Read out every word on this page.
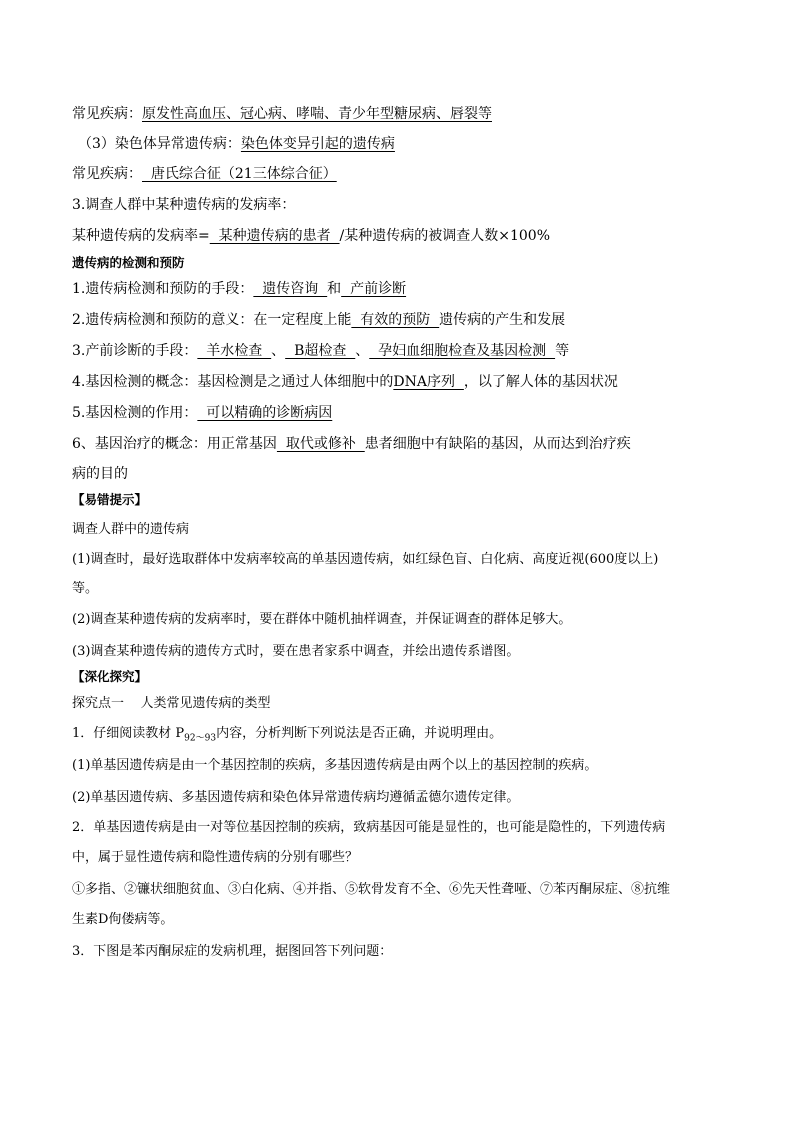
常见疾病：原发性高血压、冠心病、哮喘、青少年型糖尿病、唇裂等
（3）染色体异常遗传病：染色体变异引起的遗传病
常见疾病：  唐氏综合征（21三体综合征）
3.调查人群中某种遗传病的发病率：
某种遗传病的发病率=  某种遗传病的患者  /某种遗传病的被调查人数×100%
遗传病的检测和预防
1.遗传病检测和预防的手段：  遗传咨询  和  产前诊断
2.遗传病检测和预防的意义：在一定程度上能  有效的预防  遗传病的产生和发展
3.产前诊断的手段：  羊水检查  、  B超检查  、  孕妇血细胞检查及基因检测  等
4.基因检测的概念：基因检测是之通过人体细胞中的DNA序列  ，以了解人体的基因状况
5.基因检测的作用：  可以精确的诊断病因
6、基因治疗的概念：用正常基因  取代或修补  患者细胞中有缺陷的基因，从而达到治疗疾
病的目的
【易错提示】
调查人群中的遗传病
(1)调查时，最好选取群体中发病率较高的单基因遗传病，如红绿色盲、白化病、高度近视(600度以上)
等。
(2)调查某种遗传病的发病率时，要在群体中随机抽样调查，并保证调查的群体足够大。
(3)调查某种遗传病的遗传方式时，要在患者家系中调查，并绘出遗传系谱图。
【深化探究】
探究点一    人类常见遗传病的类型
1．仔细阅读教材 $P_{92\sim 93}$内容，分析判断下列说法是否正确，并说明理由。
(1)单基因遗传病是由一个基因控制的疾病，多基因遗传病是由两个以上的基因控制的疾病。
(2)单基因遗传病、多基因遗传病和染色体异常遗传病均遵循孟德尔遗传定律。
2．单基因遗传病是由一对等位基因控制的疾病，致病基因可能是显性的，也可能是隐性的，下列遗传病
中，属于显性遗传病和隐性遗传病的分别有哪些？
①多指、②镰状细胞贫血、③白化病、④并指、⑤软骨发育不全、⑥先天性聋哑、⑦苯丙酮尿症、⑧抗维
生素D佝偻病等。
3．下图是苯丙酮尿症的发病机理，据图回答下列问题：
